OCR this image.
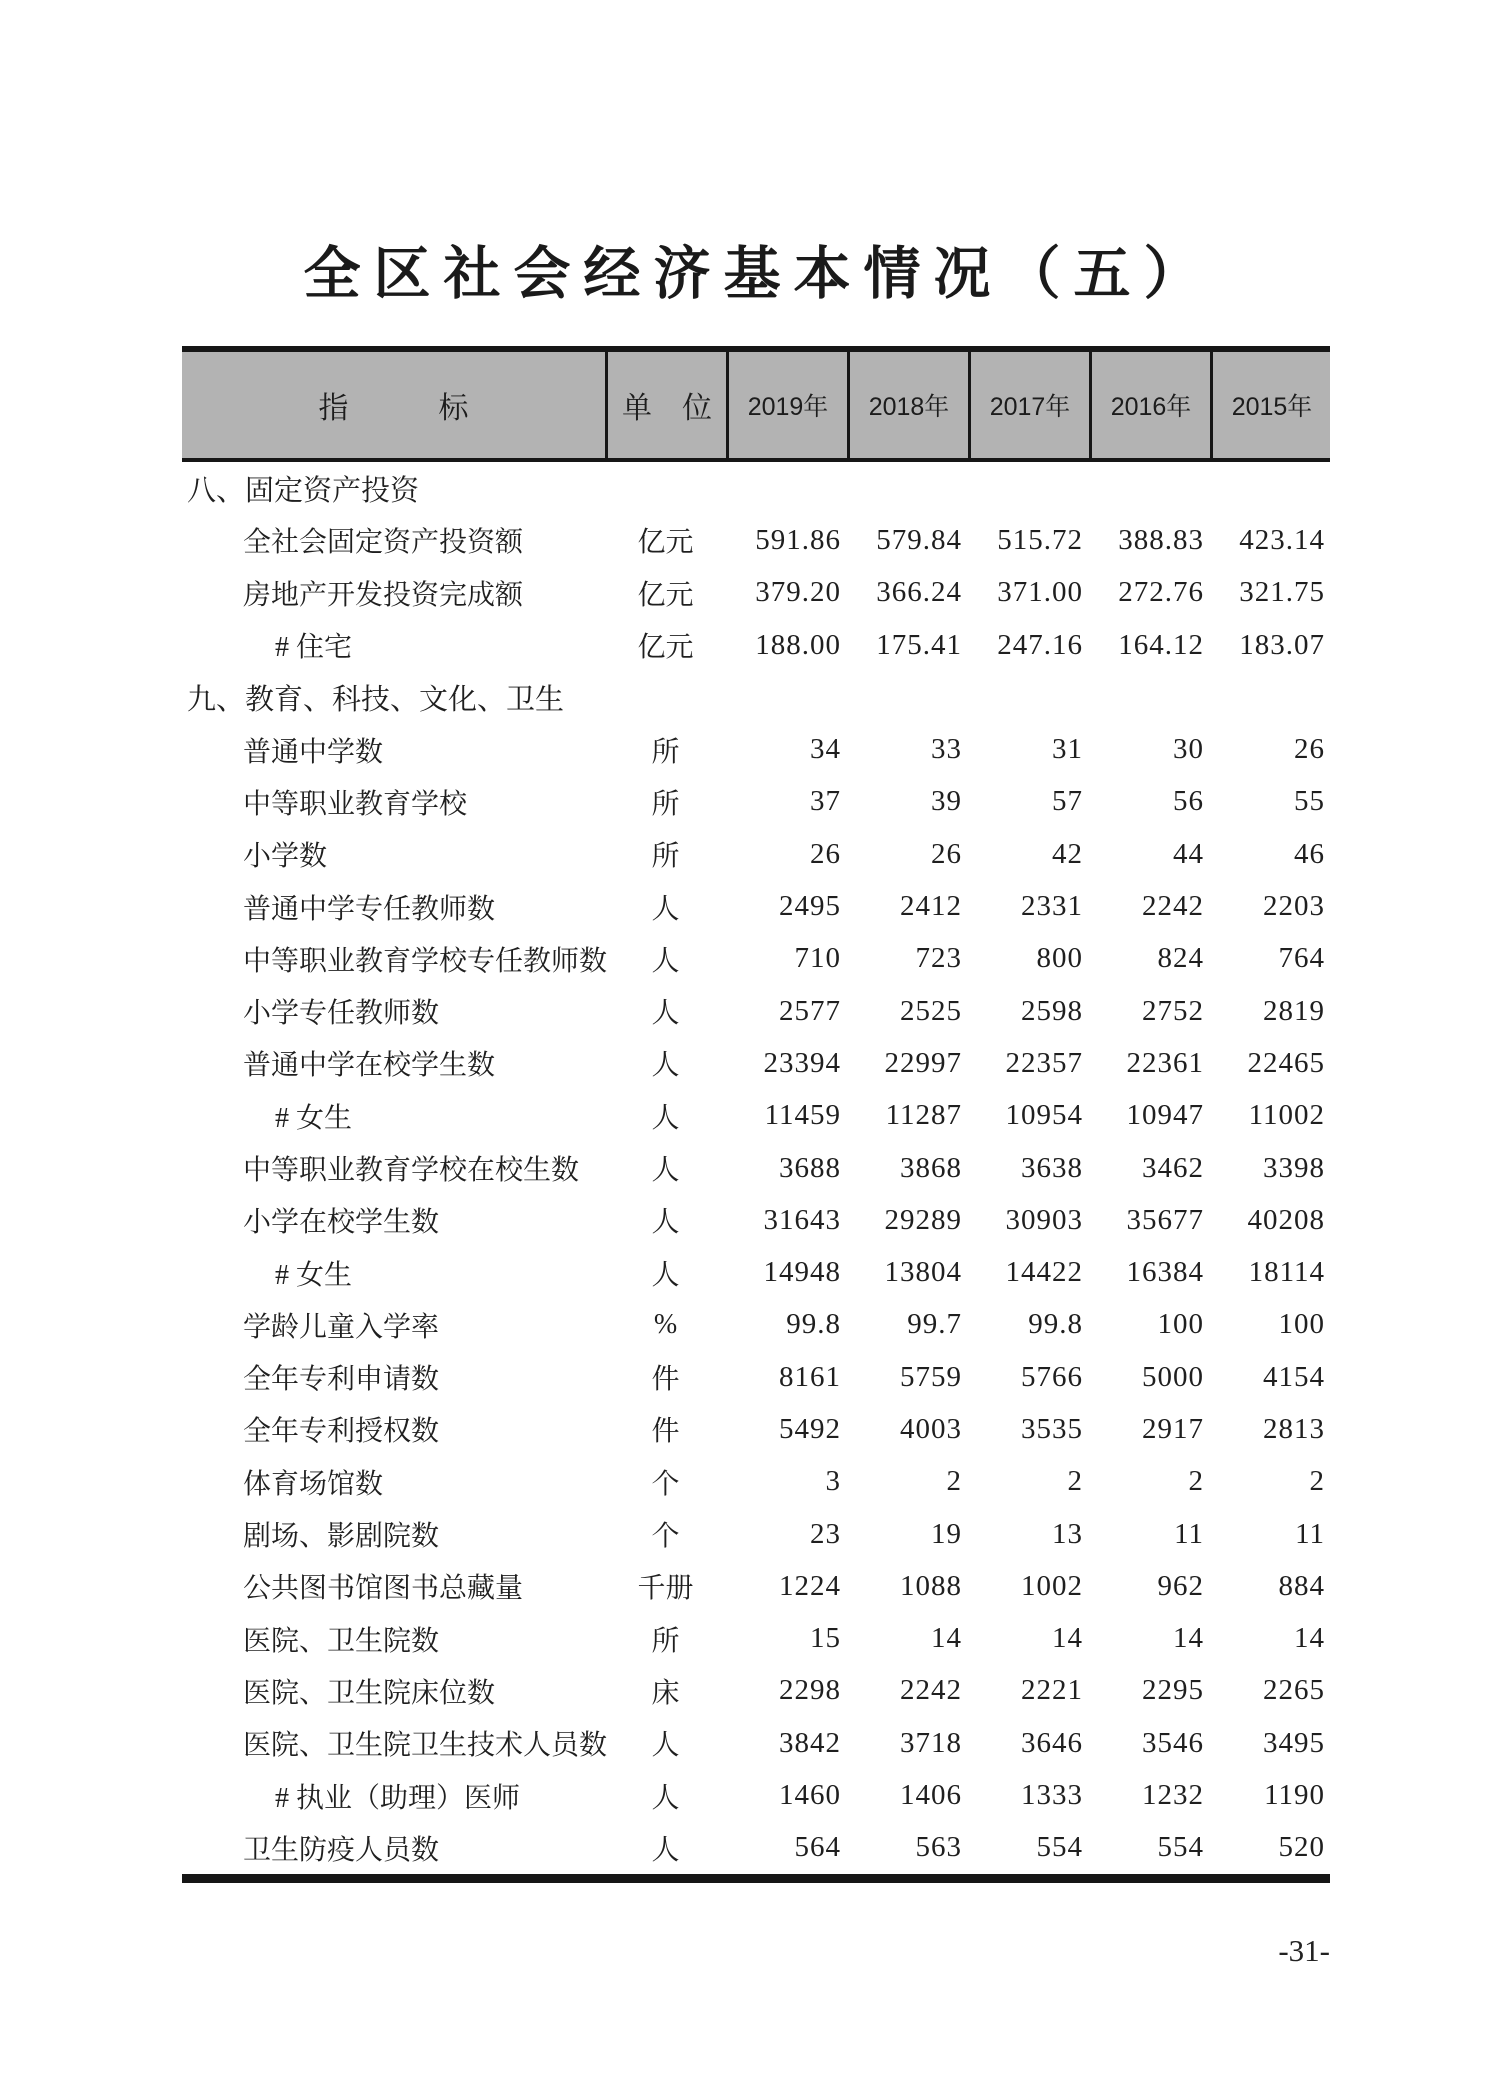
全区社会经济基本情况（五）
指　　　标	单　位	2019年	2018年	2017年	2016年	2015年
八、固定资产投资
全社会固定资产投资额	亿元	591.86	579.84	515.72	388.83	423.14
房地产开发投资完成额	亿元	379.20	366.24	371.00	272.76	321.75
# 住宅	亿元	188.00	175.41	247.16	164.12	183.07
九、教育、科技、文化、卫生
普通中学数	所	34	33	31	30	26
中等职业教育学校	所	37	39	57	56	55
小学数	所	26	26	42	44	46
普通中学专任教师数	人	2495	2412	2331	2242	2203
中等职业教育学校专任教师数	人	710	723	800	824	764
小学专任教师数	人	2577	2525	2598	2752	2819
普通中学在校学生数	人	23394	22997	22357	22361	22465
# 女生	人	11459	11287	10954	10947	11002
中等职业教育学校在校生数	人	3688	3868	3638	3462	3398
小学在校学生数	人	31643	29289	30903	35677	40208
# 女生	人	14948	13804	14422	16384	18114
学龄儿童入学率	%	99.8	99.7	99.8	100	100
全年专利申请数	件	8161	5759	5766	5000	4154
全年专利授权数	件	5492	4003	3535	2917	2813
体育场馆数	个	3	2	2	2	2
剧场、影剧院数	个	23	19	13	11	11
公共图书馆图书总藏量	千册	1224	1088	1002	962	884
医院、卫生院数	所	15	14	14	14	14
医院、卫生院床位数	床	2298	2242	2221	2295	2265
医院、卫生院卫生技术人员数	人	3842	3718	3646	3546	3495
# 执业（助理）医师	人	1460	1406	1333	1232	1190
卫生防疫人员数	人	564	563	554	554	520
-31-
